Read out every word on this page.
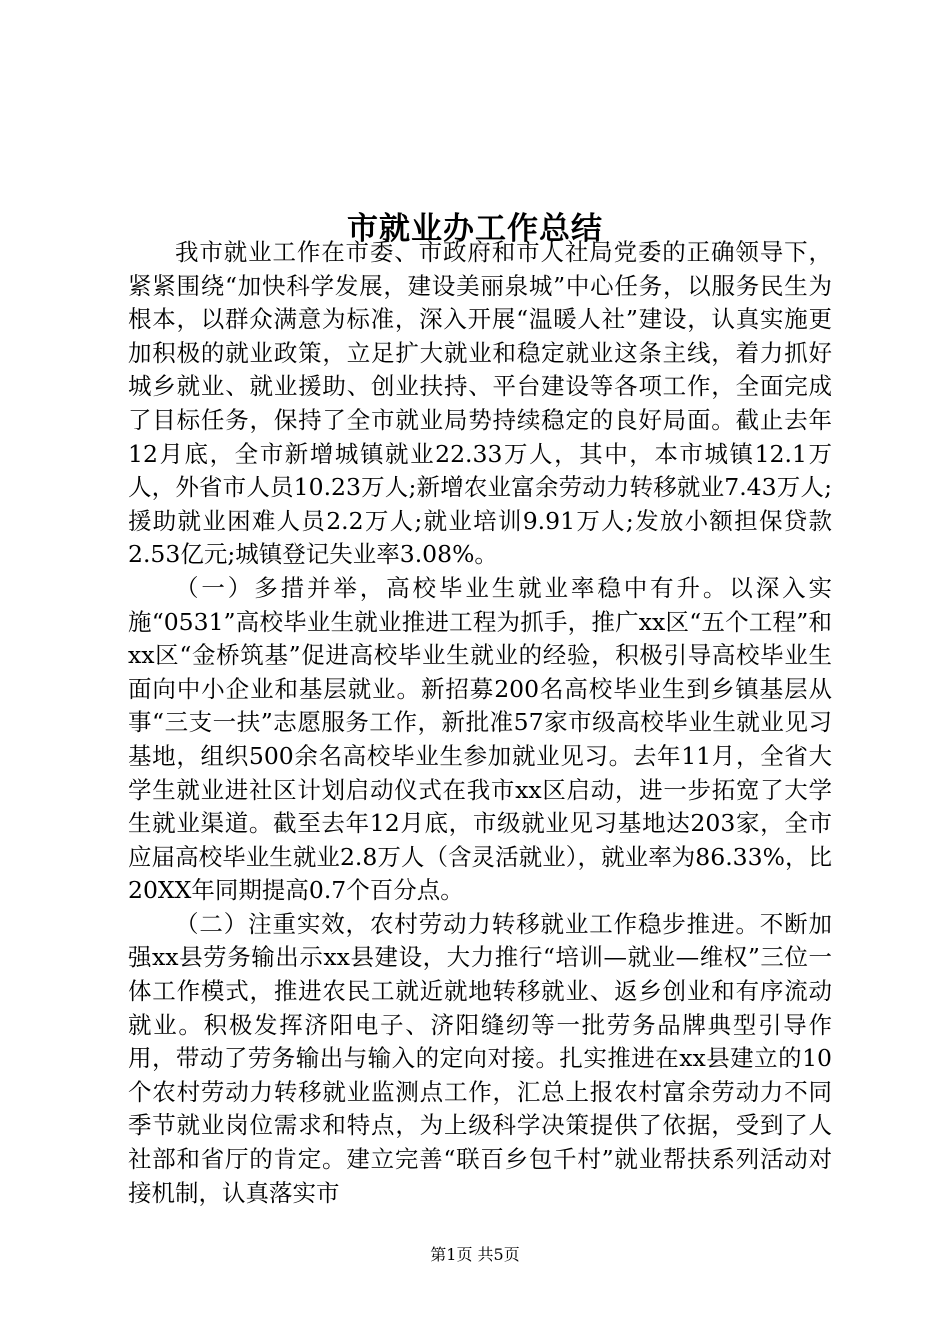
市就业办工作总结

我市就业工作在市委、市政府和市人社局党委的正确领导下，紧紧围绕“加快科学发展，建设美丽泉城”中心任务，以服务民生为根本，以群众满意为标准，深入开展“温暖人社”建设，认真实施更加积极的就业政策，立足扩大就业和稳定就业这条主线，着力抓好城乡就业、就业援助、创业扶持、平台建设等各项工作，全面完成了目标任务，保持了全市就业局势持续稳定的良好局面。截止去年12月底，全市新增城镇就业22.33万人，其中，本市城镇12.1万人，外省市人员10.23万人;新增农业富余劳动力转移就业7.43万人;援助就业困难人员2.2万人;就业培训9.91万人;发放小额担保贷款2.53亿元;城镇登记失业率3.08%。

（一）多措并举，高校毕业生就业率稳中有升。以深入实施“0531”高校毕业生就业推进工程为抓手，推广xx区“五个工程”和xx区“金桥筑基”促进高校毕业生就业的经验，积极引导高校毕业生面向中小企业和基层就业。新招募200名高校毕业生到乡镇基层从事“三支一扶”志愿服务工作，新批准57家市级高校毕业生就业见习基地，组织500余名高校毕业生参加就业见习。去年11月，全省大学生就业进社区计划启动仪式在我市xx区启动，进一步拓宽了大学生就业渠道。截至去年12月底，市级就业见习基地达203家，全市应届高校毕业生就业2.8万人（含灵活就业），就业率为86.33%，比20XX年同期提高0.7个百分点。

（二）注重实效，农村劳动力转移就业工作稳步推进。不断加强xx县劳务输出示xx县建设，大力推行“培训—就业—维权”三位一体工作模式，推进农民工就近就地转移就业、返乡创业和有序流动就业。积极发挥济阳电子、济阳缝纫等一批劳务品牌典型引导作用，带动了劳务输出与输入的定向对接。扎实推进在xx县建立的10个农村劳动力转移就业监测点工作，汇总上报农村富余劳动力不同季节就业岗位需求和特点，为上级科学决策提供了依据，受到了人社部和省厅的肯定。建立完善“联百乡包千村”就业帮扶系列活动对接机制，认真落实市

第1页 共5页
